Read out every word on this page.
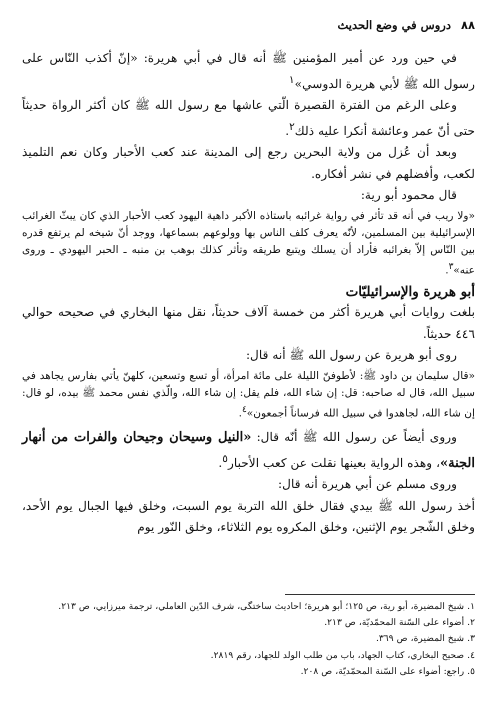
٨٨
دروس في وضع الحديث

في حين ورد عن أمير المؤمنين ﷺ أنه قال في أبي هريرة: «إنّ أكذب النّاس على رسول الله ﷺ لأبي هريرة الدوسي»$^١$

وعلى الرغم من الفترة القصيرة الّتي عاشها مع رسول الله ﷺ كان أكثر الرواة حديثاً حتى أنّ عمر وعائشة أنكرا عليه ذلك$^٢$.

وبعد أن عُزل من ولاية البحرين رجع إلى المدينة عند كعب الأحبار وكان نعم التلميذ لكعب، وأفضلهم في نشر أفكاره.

قال محمود أبو رية:

«ولا ريب في أنه قد تأثر في رواية غرائبه باستاذه الأكبر داهية اليهود كعب الأحبار الذي كان يبثّ الغرائب الإسرائيلية بين المسلمين، لأنّه يعرف كلف الناس بها وولوعهم بسماعها، ووجد أنّ شيخه لم يرتفع قدره بين النّاس إلاّ بغرائبه فأراد أن يسلك ويتبع طريقه وتأثر كذلك بوهب بن منبه ـ الحبر اليهودي ـ وروى عنه»$^٣$.

أبو هريرة والإسرائيليّات

بلغت روايات أبي هريرة أكثر من خمسة آلاف حديثاً، نقل منها البخاري في صحيحه حوالي ٤٤٦ حديثاً.

روى أبو هريرة عن رسول الله ﷺ أنه قال:

«قال سليمان بن داود ﷺ: لأطوفنّ الليلة على مائة امرأة، أو تسع وتسعين، كلهنّ يأتي بفارس يجاهد في سبيل الله، قال له صاحبه: قل: إن شاء الله، فلم يقل: إن شاء الله، والّذي نفس محمد ﷺ بيده، لو قال: إن شاء الله، لجاهدوا في سبيل الله فرساناً أجمعون»$^٤$.

وروى أيضاً عن رسول الله ﷺ أنّه قال: «النيل وسيحان وجيحان والفرات من أنهار الجنة»، وهذه الرواية بعينها نقلت عن كعب الأحبار$^٥$.

وروى مسلم عن أبي هريرة أنه قال:

أخذ رسول الله ﷺ بيدي فقال خلق الله التربة يوم السبت، وخلق فيها الجبال يوم الأحد، وخلق الشّجر يوم الإثنين، وخلق المكروه يوم الثلاثاء، وخلق النّور يوم

١. شيخ المضيرة، أبو رية، ص ١٢٥؛ أبو هريرة؛ احاديث ساختگى، شرف الدّين العاملي، ترجمة ميرزايي، ص ٢١٣.

٢. أضواء على السّنة المحمّديّة، ص ٢١٣.

٣. شيخ المضيرة، ص ٣٦٩.

٤. صحيح البخاري، كتاب الجهاد، باب من طلب الولد للجهاد، رقم ٢٨١٩.

٥. راجع: أضواء على السّنة المحمّديّة، ص ٢٠٨.
